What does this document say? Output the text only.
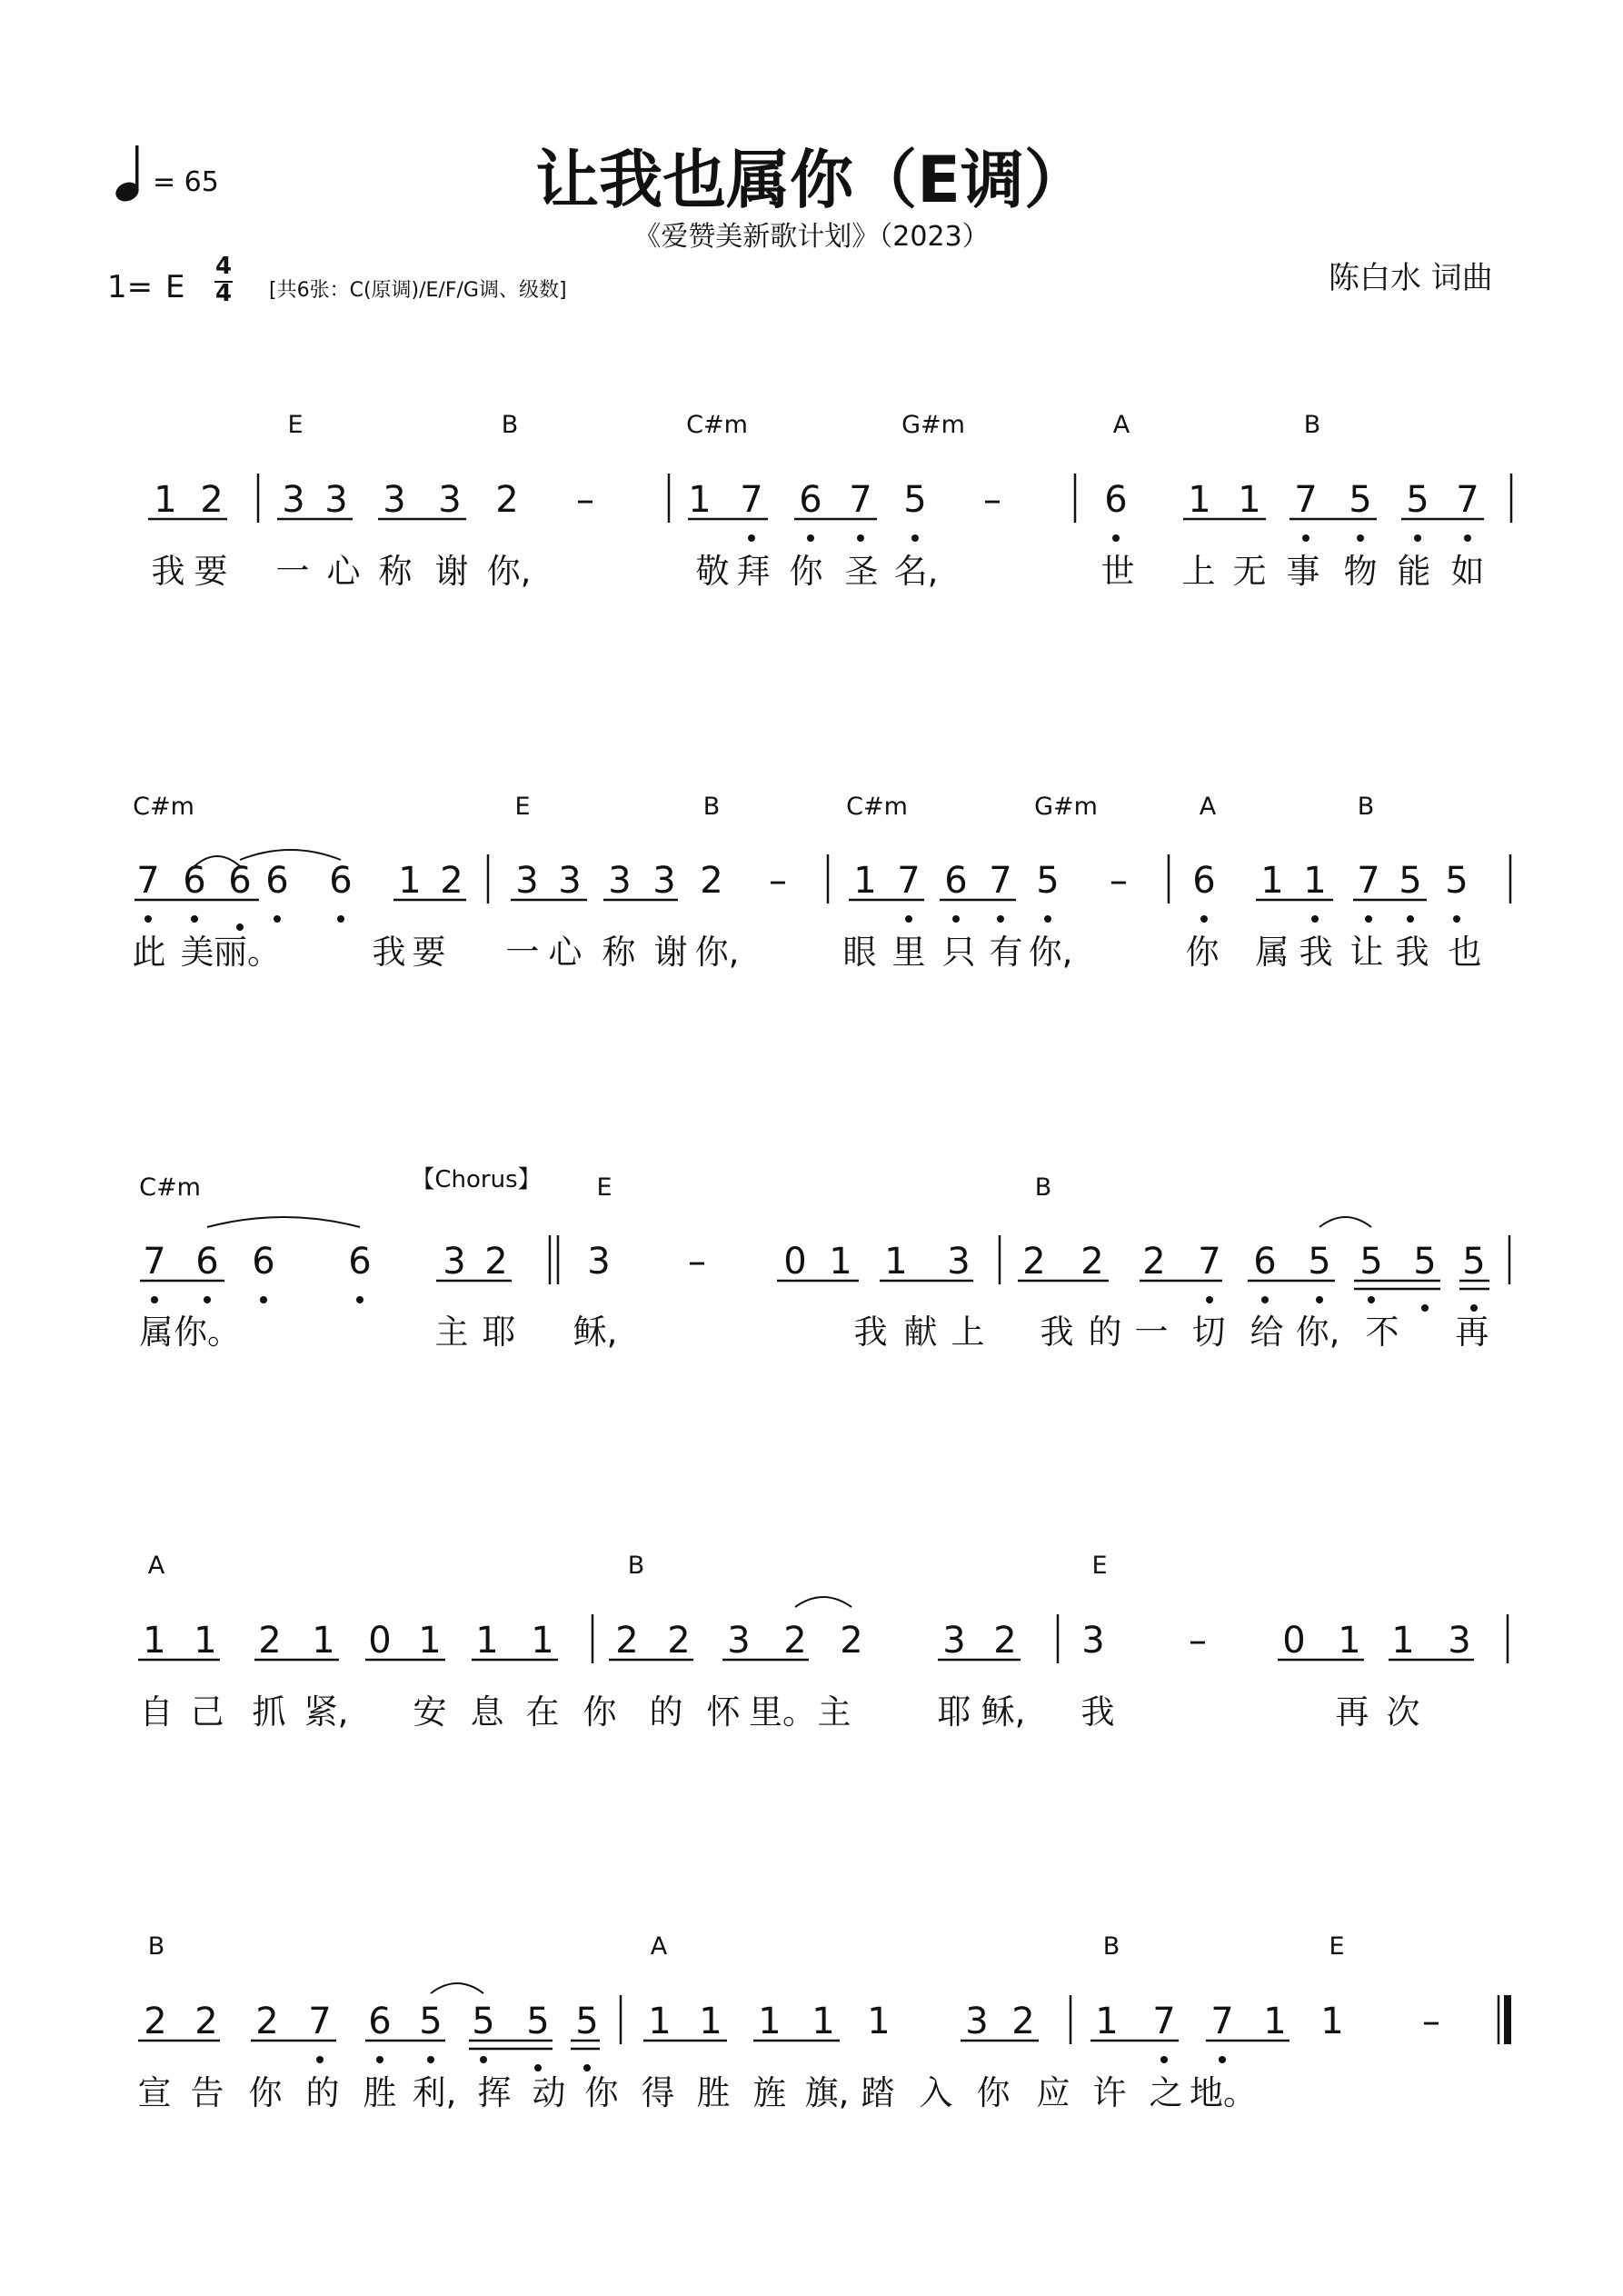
E	B	C#m	G#m	A	B
1 2 3 3 3 3 2 –	1 7 6 7 5 –	6 1 1 7 5 5 7
我 要 一 心 称 谢 你,	敬 拜 你 圣 名,	世 上 无 事 物 能 如
C#m	E	B	C#m	G#m	A	B
7 6 6 6 6 1 2 3 3 3 3 2 – 1 7 6 7 5 – 6 1 1 7 5 5
此 美 丽。	我 要 一 心 称 谢 你,	眼 里 只 有 你,	你 属 我 让 我 也
C#m	E	B
7 6 6 6 3 2 3 – 0 1 1 3 2 2 2 7 6 5 5 5 5
属 你。	主 耶 稣,	我 献 上 我 的 一 切 给 你, 不 再
A	B	E
1 1 2 1 0 1 1 1 2 2 3 2 2 3 2 3 – 0 1 1 3
自 己 抓 紧, 安 息 在 你 的 怀 里。 主	耶 稣, 我	再 次
B	A	B	E
2 2 2 7 6 5 5 5 5 1 1 1 1 1 3 2 1 7 7 1 1 –
宣 告 你 的 胜 利, 挥 动 你 得 胜 旌 旗, 踏 入 你 应 许 之 地。
【Chorus】
= 65	让我也属你（E调）
《爱赞美新歌计划》（2023）
陈白水 词曲
1= E
4
4 [共6张：C(原调)/E/F/G调、级数]
